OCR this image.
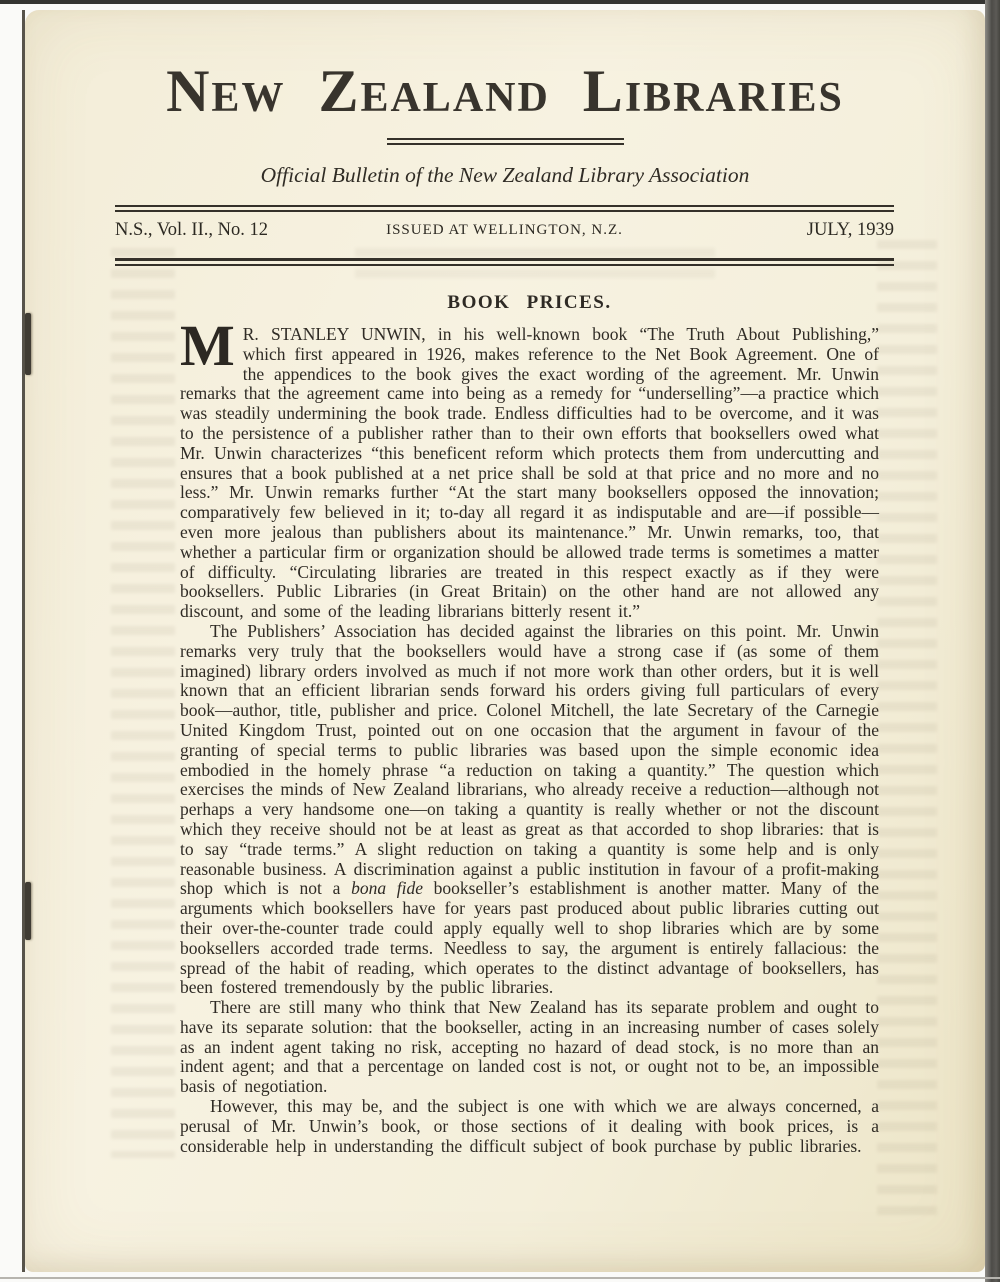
New Zealand Libraries

Official Bulletin of the New Zealand Library Association

N.S., Vol. II., No. 12	ISSUED AT WELLINGTON, N.Z.	JULY, 1939
BOOK PRICES.

M R. STANLEY UNWIN, in his well-known book “The Truth About Publishing,” which first appeared in 1926, makes reference to the Net Book Agreement. One of the appendices to the book gives the exact wording of the agreement. Mr. Unwin remarks that the agreement came into being as a remedy for “underselling”—a practice which was steadily undermining the book trade. Endless difficulties had to be overcome, and it was to the persistence of a publisher rather than to their own efforts that booksellers owed what Mr. Unwin characterizes “this beneficent reform which protects them from undercutting and ensures that a book published at a net price shall be sold at that price and no more and no less.” Mr. Unwin remarks further “At the start many booksellers opposed the innovation; comparatively few believed in it; to-day all regard it as indisputable and are—if possible—even more jealous than publishers about its maintenance.” Mr. Unwin remarks, too, that whether a particular firm or organization should be allowed trade terms is sometimes a matter of difficulty. “Circulating libraries are treated in this respect exactly as if they were booksellers. Public Libraries (in Great Britain) on the other hand are not allowed any discount, and some of the leading librarians bitterly resent it.”

The Publishers’ Association has decided against the libraries on this point. Mr. Unwin remarks very truly that the booksellers would have a strong case if (as some of them imagined) library orders involved as much if not more work than other orders, but it is well known that an efficient librarian sends forward his orders giving full particulars of every book—author, title, publisher and price. Colonel Mitchell, the late Secretary of the Carnegie United Kingdom Trust, pointed out on one occasion that the argument in favour of the granting of special terms to public libraries was based upon the simple economic idea embodied in the homely phrase “a reduction on taking a quantity.” The question which exercises the minds of New Zealand librarians, who already receive a reduction—although not perhaps a very handsome one—on taking a quantity is really whether or not the discount which they receive should not be at least as great as that accorded to shop libraries: that is to say “trade terms.” A slight reduction on taking a quantity is some help and is only reasonable business. A discrimination against a public institution in favour of a profit-making shop which is not a bona fide bookseller’s establishment is another matter. Many of the arguments which booksellers have for years past produced about public libraries cutting out their over-the-counter trade could apply equally well to shop libraries which are by some booksellers accorded trade terms. Needless to say, the argument is entirely fallacious: the spread of the habit of reading, which operates to the distinct advantage of booksellers, has been fostered tremendously by the public libraries.

There are still many who think that New Zealand has its separate problem and ought to have its separate solution: that the bookseller, acting in an increasing number of cases solely as an indent agent taking no risk, accepting no hazard of dead stock, is no more than an indent agent; and that a percentage on landed cost is not, or ought not to be, an impossible basis of negotiation.

However, this may be, and the subject is one with which we are always concerned, a perusal of Mr. Unwin’s book, or those sections of it dealing with book prices, is a considerable help in understanding the difficult subject of book purchase by public libraries.
